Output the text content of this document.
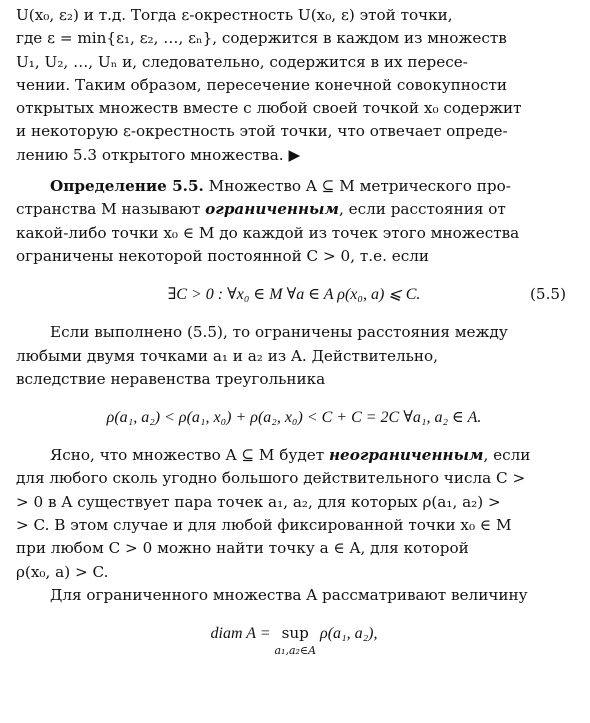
U(x₀, ε₂) и т.д. Тогда ε-окрестность U(x₀, ε) этой точки,

где ε = min{ε₁, ε₂, …, εₙ}, содержится в каждом из множеств

U₁, U₂, …, Uₙ и, следовательно, содержится в их пересе-

чении. Таким образом, пересечение конечной совокупности

открытых множеств вместе с любой своей точкой x₀ содержит

и некоторую ε-окрестность этой точки, что отвечает опреде-

лению 5.3 открытого множества. ▶

Определение 5.5. Множество A ⊆ M метрического про-

странства M называют ограниченным, если расстояния от

какой-либо точки x₀ ∈ M до каждой из точек этого множества

ограничены некоторой постоянной C > 0, т.е. если

∃C > 0 : ∀x₀ ∈ M ∀a ∈ A ρ(x₀, a) ⩽ C.	(5.5)

Если выполнено (5.5), то ограничены расстояния между

любыми двумя точками a₁ и a₂ из A. Действительно,

вследствие неравенства треугольника

ρ(a₁, a₂) < ρ(a₁, x₀) + ρ(a₂, x₀) < C + C = 2C ∀a₁, a₂ ∈ A.

Ясно, что множество A ⊆ M будет неограниченным, если

для любого сколь угодно большого действительного числа C >

> 0 в A существует пара точек a₁, a₂, для которых ρ(a₁, a₂) >

> C. В этом случае и для любой фиксированной точки x₀ ∈ M

при любом C > 0 можно найти точку a ∈ A, для которой

ρ(x₀, a) > C.

Для ограниченного множества A рассматривают величину

diam A = sup
a₁,a₂∈A
ρ(a₁, a₂),
